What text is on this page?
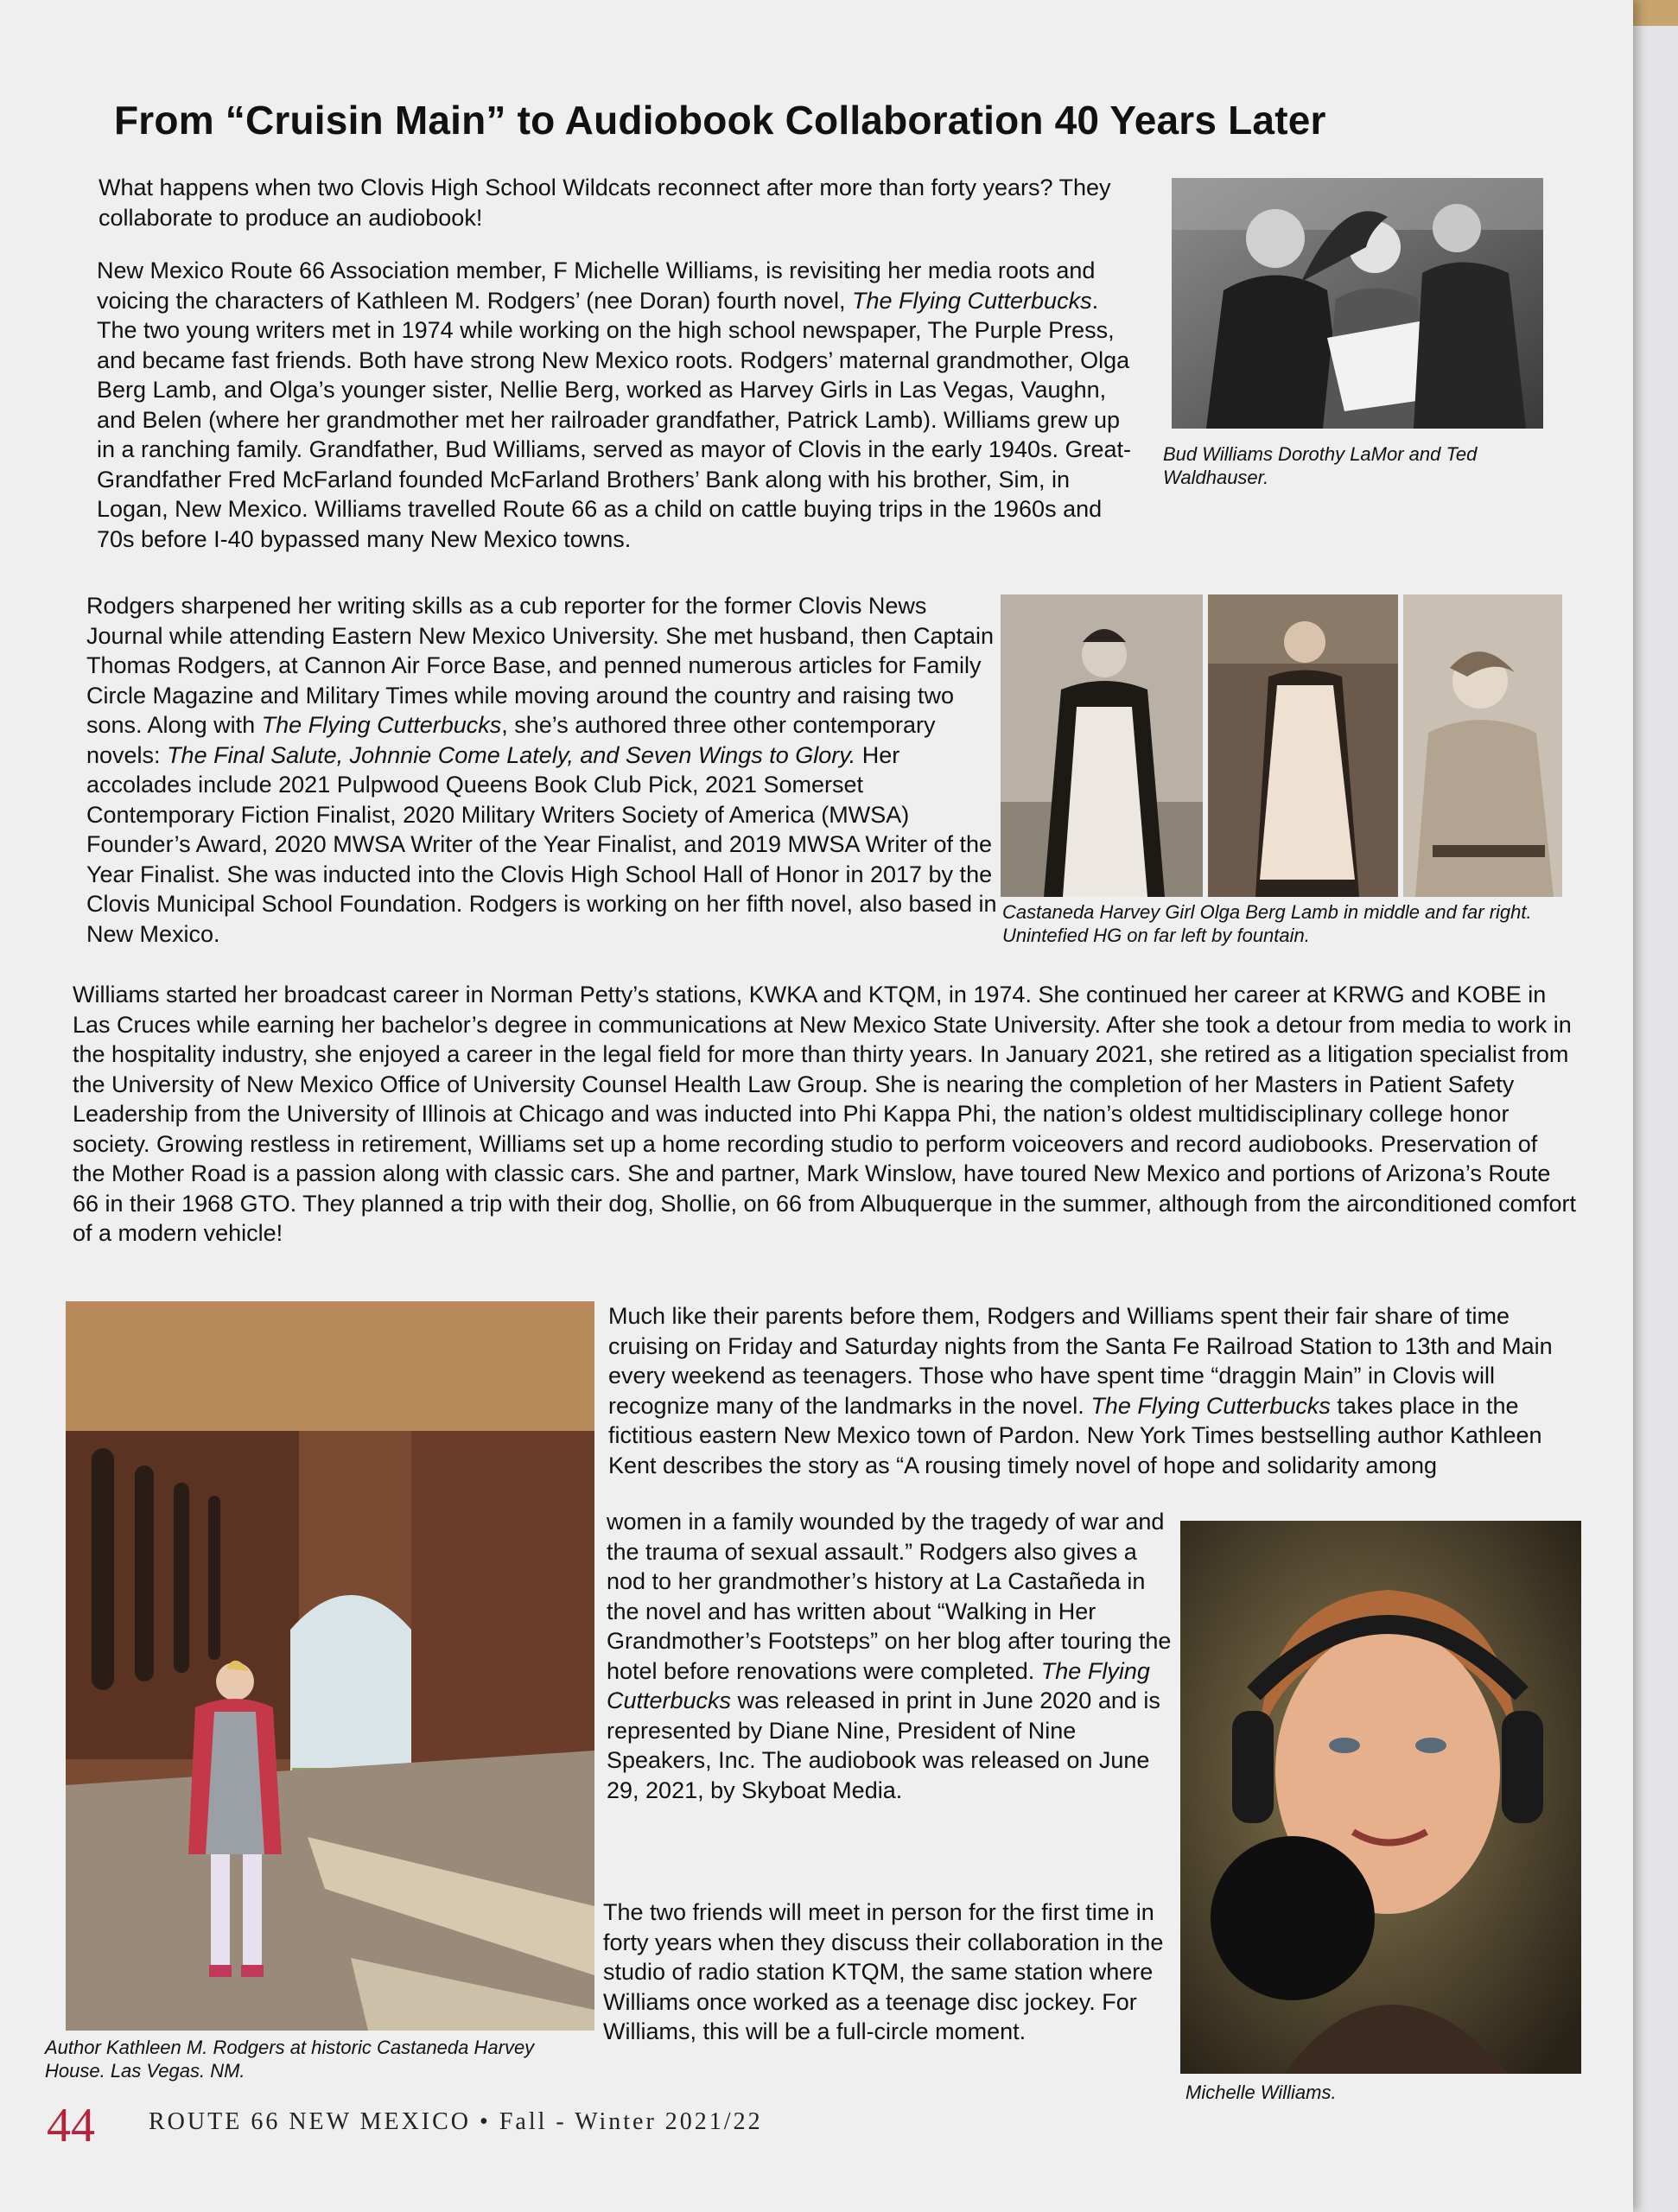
From “Cruisin Main” to Audiobook Collaboration 40 Years Later

What happens when two Clovis High School Wildcats reconnect after more than forty years? They collaborate to produce an audiobook!

New Mexico Route 66 Association member, F Michelle Williams, is revisiting her media roots and voicing the characters of Kathleen M. Rodgers’ (nee Doran) fourth novel, The Flying Cutterbucks. The two young writers met in 1974 while working on the high school newspaper, The Purple Press, and became fast friends. Both have strong New Mexico roots. Rodgers’ maternal grandmother, Olga Berg Lamb, and Olga’s younger sister, Nellie Berg, worked as Harvey Girls in Las Vegas, Vaughn, and Belen (where her grandmother met her railroader grandfather, Patrick Lamb). Williams grew up in a ranching family. Grandfather, Bud Williams, served as mayor of Clovis in the early 1940s. Great-Grandfather Fred McFarland founded McFarland Brothers’ Bank along with his brother, Sim, in Logan, New Mexico. Williams travelled Route 66 as a child on cattle buying trips in the 1960s and 70s before I-40 bypassed many New Mexico towns.

Bud Williams Dorothy LaMor and Ted Waldhauser.

Rodgers sharpened her writing skills as a cub reporter for the former Clovis News Journal while attending Eastern New Mexico University. She met husband, then Captain Thomas Rodgers, at Cannon Air Force Base, and penned numerous articles for Family Circle Magazine and Military Times while moving around the country and raising two sons. Along with The Flying Cutterbucks, she’s authored three other contemporary novels: The Final Salute, Johnnie Come Lately, and Seven Wings to Glory. Her accolades include 2021 Pulpwood Queens Book Club Pick, 2021 Somerset Contemporary Fiction Finalist, 2020 Military Writers Society of America (MWSA) Founder’s Award, 2020 MWSA Writer of the Year Finalist, and 2019 MWSA Writer of the Year Finalist. She was inducted into the Clovis High School Hall of Honor in 2017 by the Clovis Municipal School Foundation. Rodgers is working on her fifth novel, also based in New Mexico.

Castaneda Harvey Girl Olga Berg Lamb in middle and far right. Unintefied HG on far left by fountain.

Williams started her broadcast career in Norman Petty’s stations, KWKA and KTQM, in 1974. She continued her career at KRWG and KOBE in Las Cruces while earning her bachelor’s degree in communications at New Mexico State University. After she took a detour from media to work in the hospitality industry, she enjoyed a career in the legal field for more than thirty years. In January 2021, she retired as a litigation specialist from the University of New Mexico Office of University Counsel Health Law Group. She is nearing the completion of her Masters in Patient Safety Leadership from the University of Illinois at Chicago and was inducted into Phi Kappa Phi, the nation’s oldest multidisciplinary college honor society. Growing restless in retirement, Williams set up a home recording studio to perform voiceovers and record audiobooks. Preservation of the Mother Road is a passion along with classic cars. She and partner, Mark Winslow, have toured New Mexico and portions of Arizona’s Route 66 in their 1968 GTO. They planned a trip with their dog, Shollie, on 66 from Albuquerque in the summer, although from the airconditioned comfort of a modern vehicle!

Author Kathleen M. Rodgers at historic Castaneda Harvey House. Las Vegas. NM.

Much like their parents before them, Rodgers and Williams spent their fair share of time cruising on Friday and Saturday nights from the Santa Fe Railroad Station to 13th and Main every weekend as teenagers. Those who have spent time “draggin Main” in Clovis will recognize many of the landmarks in the novel. The Flying Cutterbucks takes place in the fictitious eastern New Mexico town of Pardon. New York Times bestselling author Kathleen Kent describes the story as “A rousing timely novel of hope and solidarity among

women in a family wounded by the tragedy of war and the trauma of sexual assault.” Rodgers also gives a nod to her grandmother’s history at La Castañeda in the novel and has written about “Walking in Her Grandmother’s Footsteps” on her blog after touring the hotel before renovations were completed. The Flying Cutterbucks was released in print in June 2020 and is represented by Diane Nine, President of Nine Speakers, Inc. The audiobook was released on June 29, 2021, by Skyboat Media.

The two friends will meet in person for the first time in forty years when they discuss their collaboration in the studio of radio station KTQM, the same station where Williams once worked as a teenage disc jockey. For Williams, this will be a full-circle moment.

Michelle Williams.

44 ROUTE 66 NEW MEXICO • Fall - Winter 2021/22
